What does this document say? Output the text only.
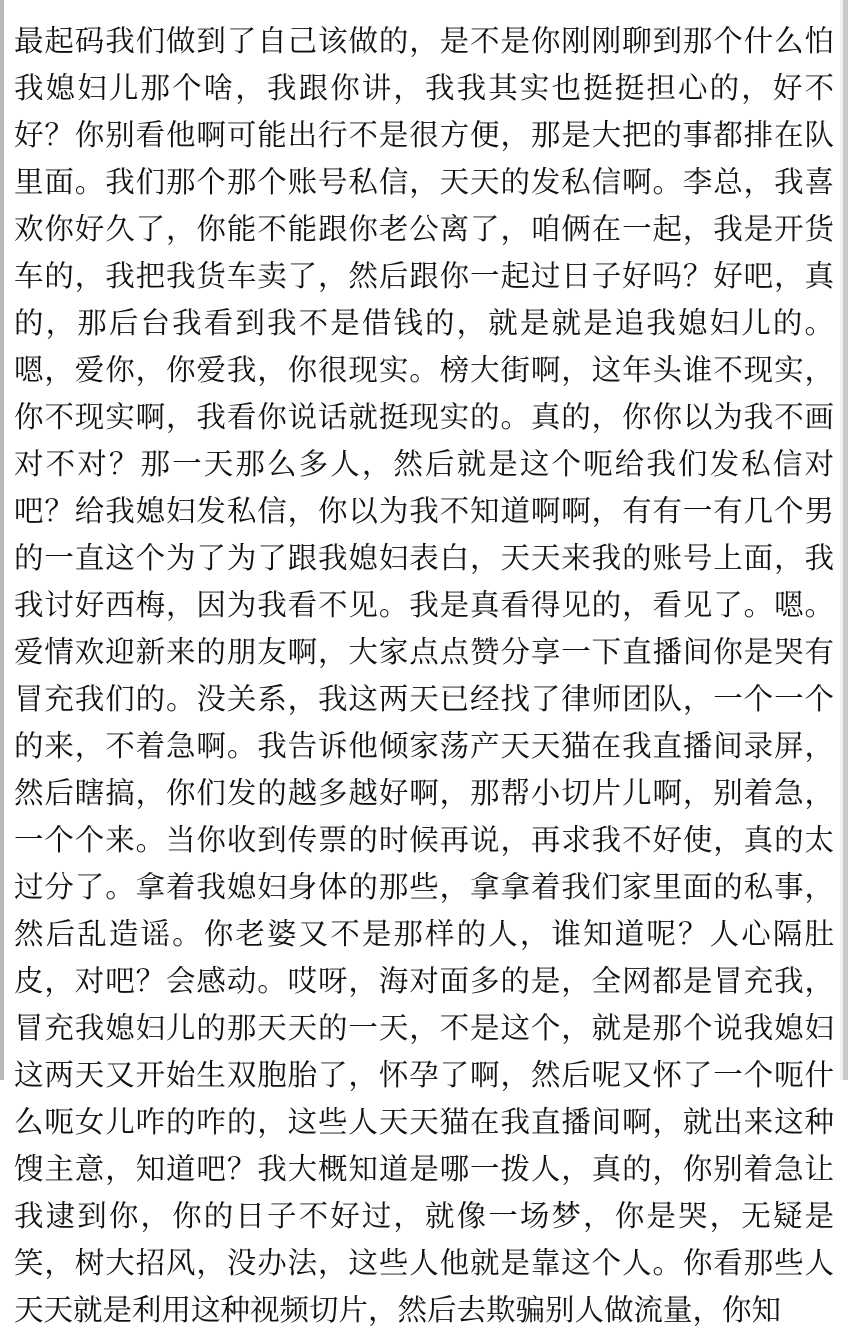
最起码我们做到了自己该做的，是不是你刚刚聊到那个什么怕我媳妇儿那个啥，我跟你讲，我我其实也挺挺担心的，好不好？你别看他啊可能出行不是很方便，那是大把的事都排在队里面。我们那个那个账号私信，天天的发私信啊。李总，我喜欢你好久了，你能不能跟你老公离了，咱俩在一起，我是开货车的，我把我货车卖了，然后跟你一起过日子好吗？好吧，真的，那后台我看到我不是借钱的，就是就是追我媳妇儿的。嗯，爱你，你爱我，你很现实。榜大街啊，这年头谁不现实，你不现实啊，我看你说话就挺现实的。真的，你你以为我不画对不对？那一天那么多人，然后就是这个呃给我们发私信对吧？给我媳妇发私信，你以为我不知道啊啊，有有一有几个男的一直这个为了为了跟我媳妇表白，天天来我的账号上面，我我讨好西梅，因为我看不见。我是真看得见的，看见了。嗯。爱情欢迎新来的朋友啊，大家点点赞分享一下直播间你是哭有冒充我们的。没关系，我这两天已经找了律师团队，一个一个的来，不着急啊。我告诉他倾家荡产天天猫在我直播间录屏，然后瞎搞，你们发的越多越好啊，那帮小切片儿啊，别着急，一个个来。当你收到传票的时候再说，再求我不好使，真的太过分了。拿着我媳妇身体的那些，拿拿着我们家里面的私事，然后乱造谣。你老婆又不是那样的人，谁知道呢？人心隔肚皮，对吧？会感动。哎呀，海对面多的是，全网都是冒充我，冒充我媳妇儿的那天天的一天，不是这个，就是那个说我媳妇这两天又开始生双胞胎了，怀孕了啊，然后呢又怀了一个呃什么呃女儿咋的咋的，这些人天天猫在我直播间啊，就出来这种馊主意，知道吧？我大概知道是哪一拨人，真的，你别着急让我逮到你，你的日子不好过，就像一场梦，你是哭，无疑是笑，树大招风，没办法，这些人他就是靠这个人。你看那些人天天就是利用这种视频切片，然后去欺骗别人做流量，你知
